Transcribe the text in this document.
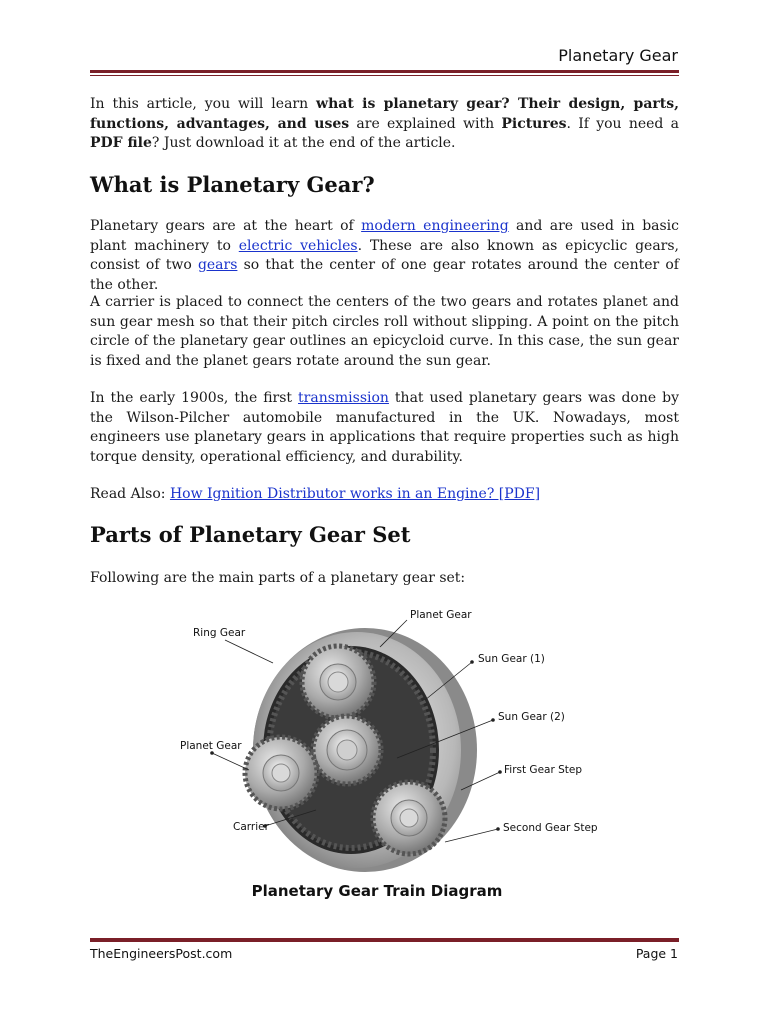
Planetary Gear

In this article, you will learn what is planetary gear? Their design, parts, functions, advantages, and uses are explained with Pictures. If you need a PDF file? Just download it at the end of the article.

What is Planetary Gear?

Planetary gears are at the heart of modern engineering and are used in basic plant machinery to electric vehicles. These are also known as epicyclic gears, consist of two gears so that the center of one gear rotates around the center of the other.

A carrier is placed to connect the centers of the two gears and rotates planet and sun gear mesh so that their pitch circles roll without slipping. A point on the pitch circle of the planetary gear outlines an epicycloid curve. In this case, the sun gear is fixed and the planet gears rotate around the sun gear.

In the early 1900s, the first transmission that used planetary gears was done by the Wilson-Pilcher automobile manufactured in the UK. Nowadays, most engineers use planetary gears in applications that require properties such as high torque density, operational efficiency, and durability.

Read Also: How Ignition Distributor works in an Engine? [PDF]

Parts of Planetary Gear Set

Following are the main parts of a planetary gear set:

Ring Gear
Planet Gear
Sun Gear (1)
Sun Gear (2)
Planet Gear
First Gear Step
Carrier	Second Gear Step
Planetary Gear Train Diagram
TheEngineersPost.com	Page 1
